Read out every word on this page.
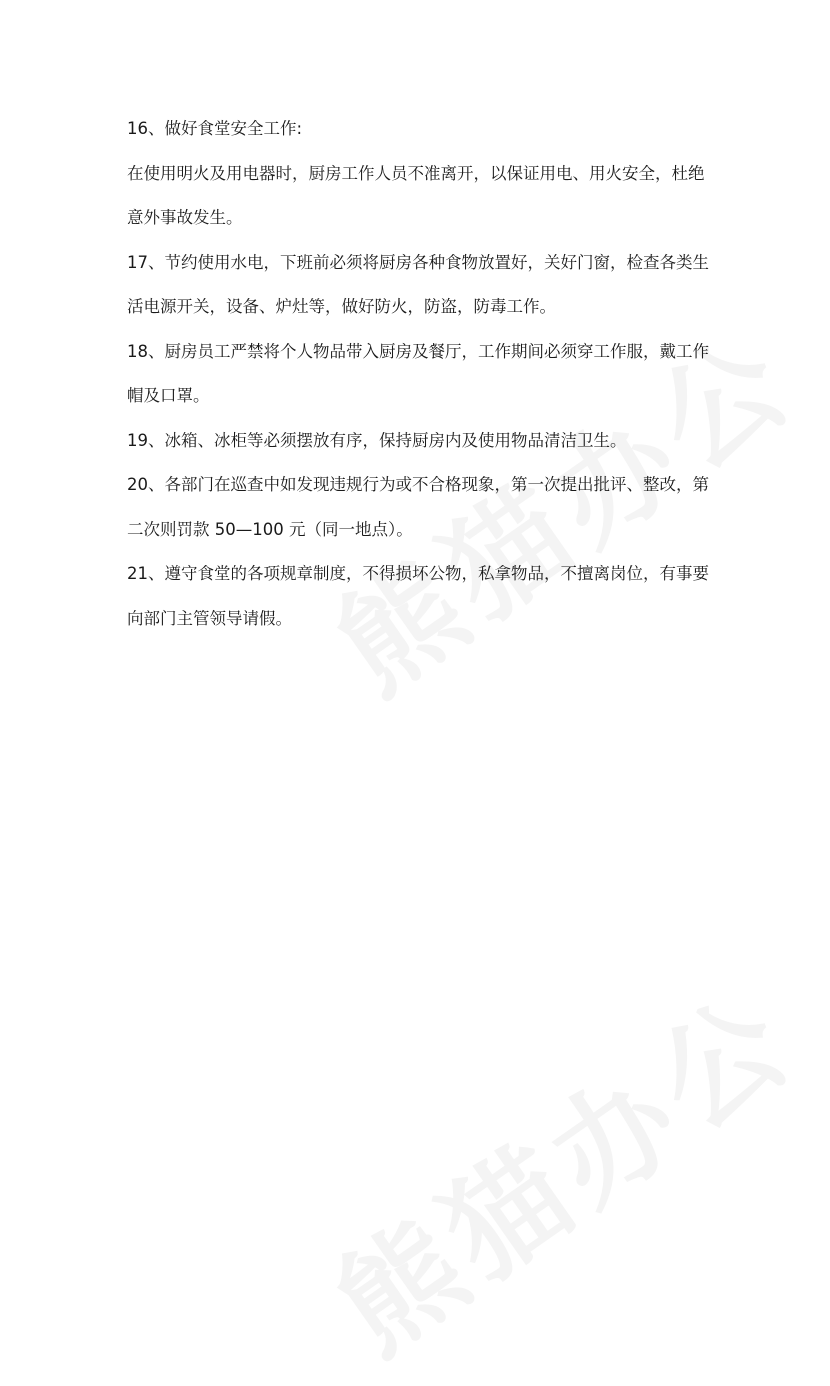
16、做好食堂安全工作:
在使用明火及用电器时，厨房工作人员不准离开，以保证用电、用火安全，杜绝
意外事故发生。
17、节约使用水电，下班前必须将厨房各种食物放置好，关好门窗，检查各类生
活电源开关，设备、炉灶等，做好防火，防盗，防毒工作。
18、厨房员工严禁将个人物品带入厨房及餐厅，工作期间必须穿工作服，戴工作
帽及口罩。
19、冰箱、冰柜等必须摆放有序，保持厨房内及使用物品清洁卫生。
20、各部门在巡查中如发现违规行为或不合格现象，第一次提出批评、整改，第
二次则罚款 50—100 元（同一地点）。
21、遵守食堂的各项规章制度，不得损坏公物，私拿物品，不擅离岗位，有事要
向部门主管领导请假。
